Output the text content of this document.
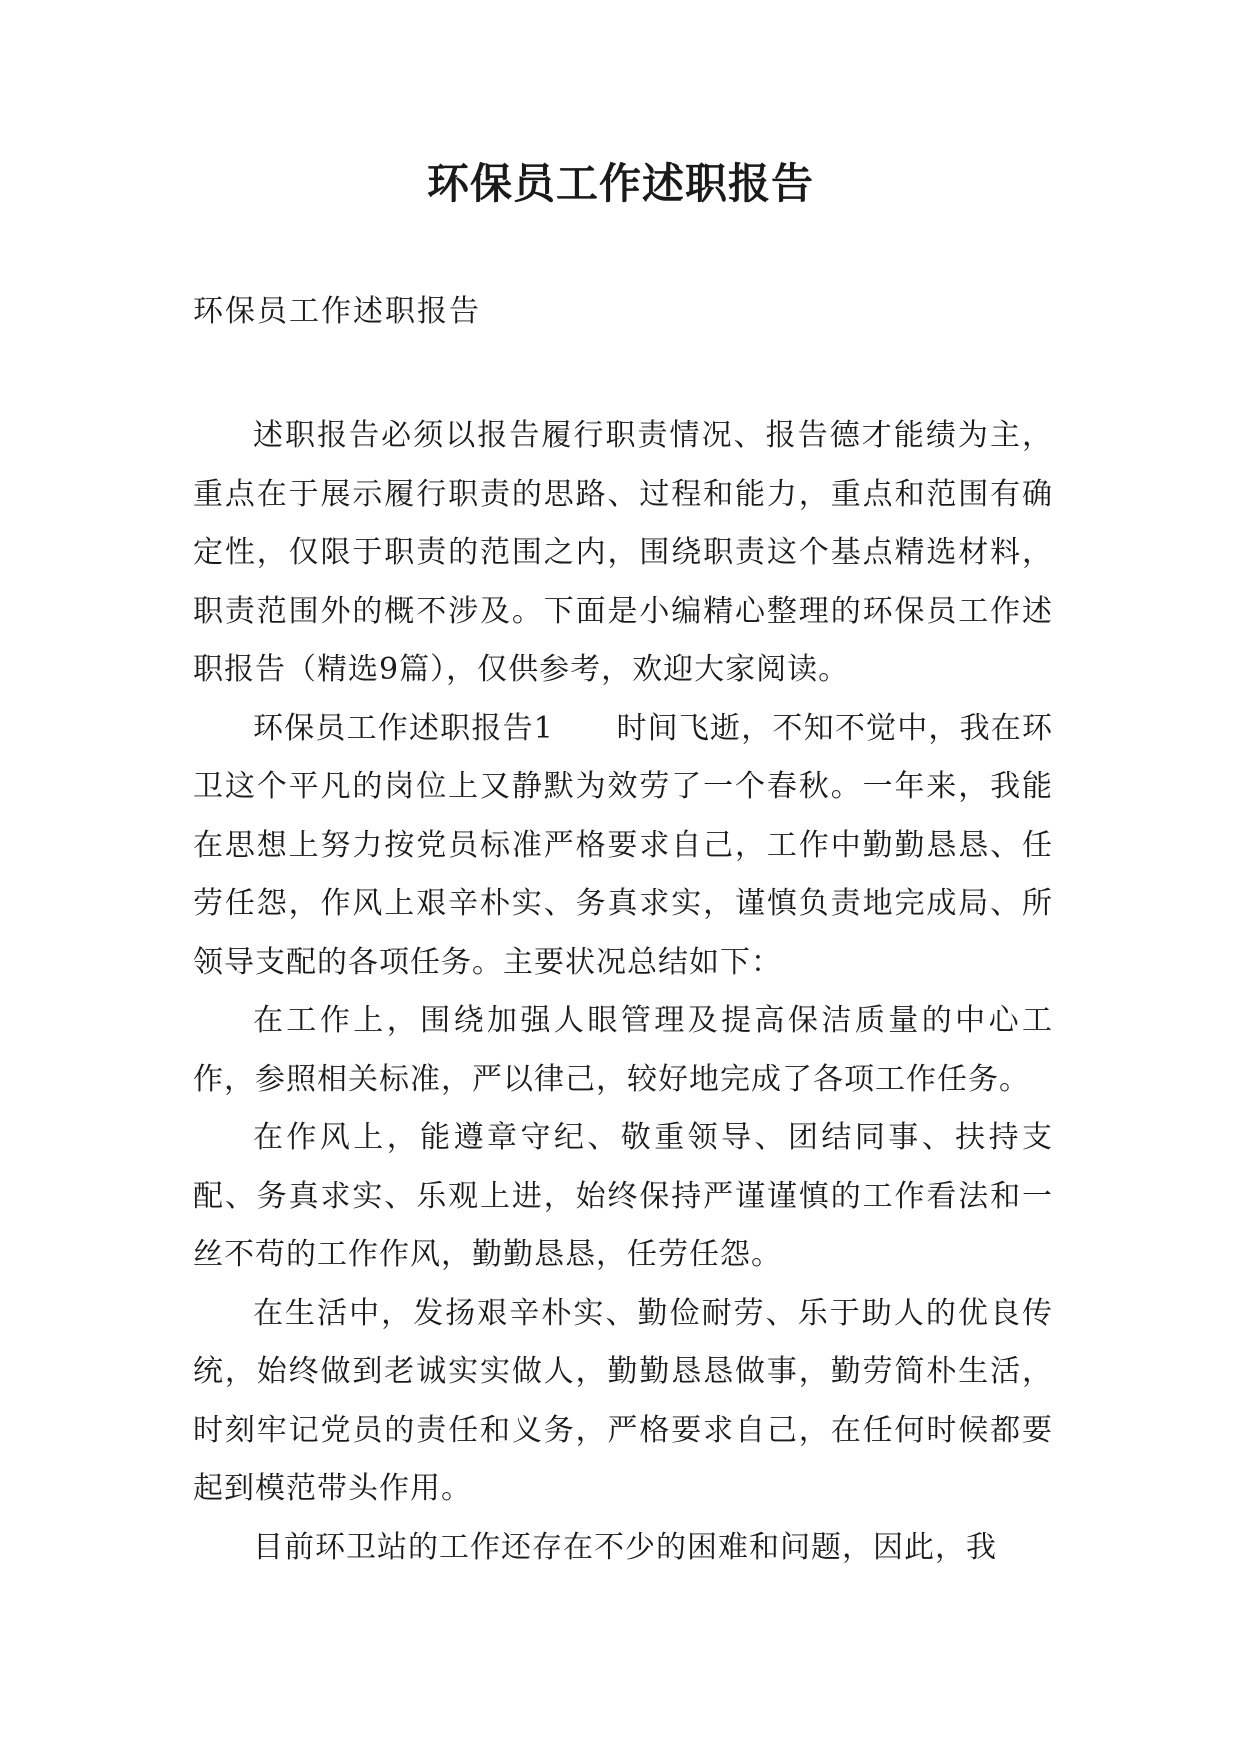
环保员工作述职报告
环保员工作述职报告

述职报告必须以报告履行职责情况、报告德才能绩为主，重点在于展示履行职责的思路、过程和能力，重点和范围有确定性，仅限于职责的范围之内，围绕职责这个基点精选材料，职责范围外的概不涉及。下面是小编精心整理的环保员工作述职报告（精选9篇），仅供参考，欢迎大家阅读。

环保员工作述职报告1　　时间飞逝，不知不觉中，我在环卫这个平凡的岗位上又静默为效劳了一个春秋。一年来，我能在思想上努力按党员标准严格要求自己，工作中勤勤恳恳、任劳任怨，作风上艰辛朴实、务真求实，谨慎负责地完成局、所领导支配的各项任务。主要状况总结如下：

在工作上，围绕加强人眼管理及提高保洁质量的中心工作，参照相关标准，严以律己，较好地完成了各项工作任务。

在作风上，能遵章守纪、敬重领导、团结同事、扶持支配、务真求实、乐观上进，始终保持严谨谨慎的工作看法和一丝不苟的工作作风，勤勤恳恳，任劳任怨。

在生活中，发扬艰辛朴实、勤俭耐劳、乐于助人的优良传统，始终做到老诚实实做人，勤勤恳恳做事，勤劳简朴生活，时刻牢记党员的责任和义务，严格要求自己，在任何时候都要起到模范带头作用。

目前环卫站的工作还存在不少的困难和问题，因此，我
